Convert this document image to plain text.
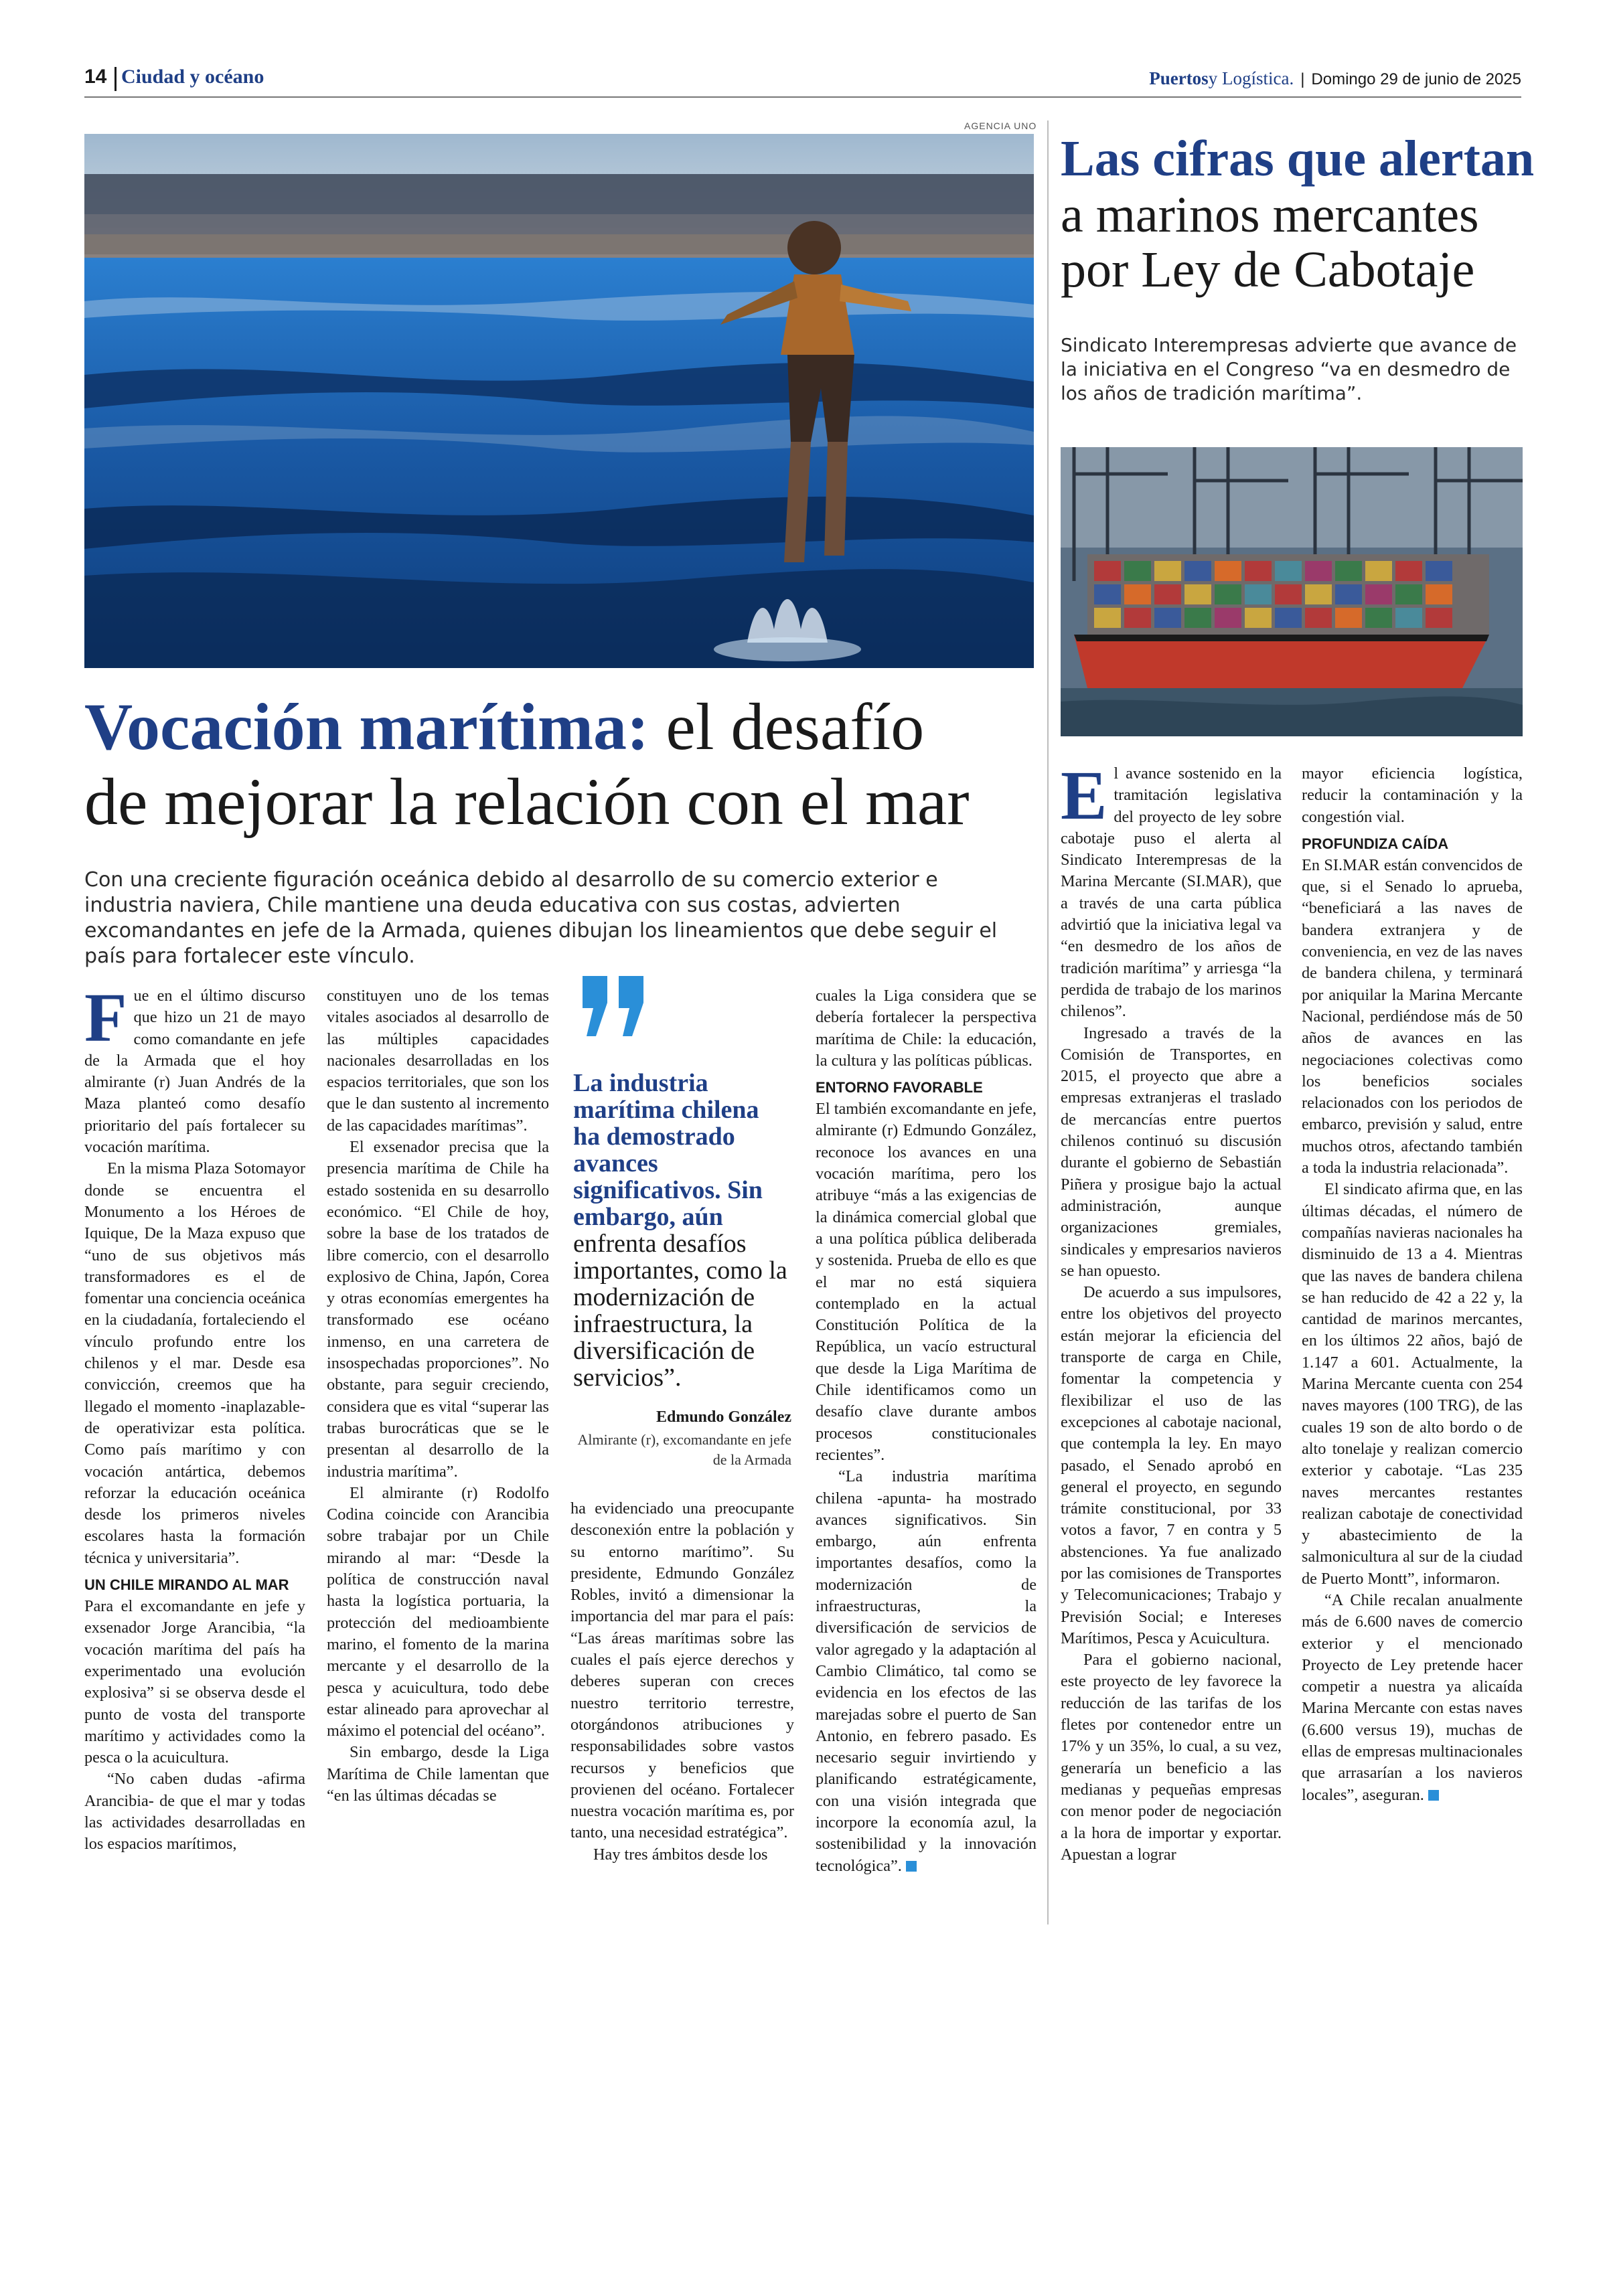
14 Ciudad y océano	Puertosy Logística. | Domingo 29 de junio de 2025
AGENCIA UNO
Vocación marítima: el desafío
de mejorar la relación con el mar
Con una creciente figuración oceánica debido al desarrollo de su comercio exterior e industria naviera, Chile mantiene una deuda educativa con sus costas, advierten excomandantes en jefe de la Armada, quienes dibujan los lineamientos que debe seguir el país para fortalecer este vínculo.

Fue en el último discurso que hizo un 21 de mayo como comandante en jefe de la Armada que el hoy almirante (r) Juan Andrés de la Maza planteó como desafío prioritario del país fortalecer su vocación marítima.

En la misma Plaza Sotomayor donde se encuentra el Monumento a los Héroes de Iquique, De la Maza expuso que “uno de sus objetivos más transformadores es el de fomentar una conciencia oceánica en la ciudadanía, fortaleciendo el vínculo profundo entre los chilenos y el mar. Desde esa convicción, creemos que ha llegado el momento -inaplazable- de operativizar esta política. Como país marítimo y con vocación antártica, debemos reforzar la educación oceánica desde los primeros niveles escolares hasta la formación técnica y universitaria”.

UN CHILE MIRANDO AL MAR

Para el excomandante en jefe y exsenador Jorge Arancibia, “la vocación marítima del país ha experimentado una evolución explosiva” si se observa desde el punto de vosta del transporte marítimo y actividades como la pesca o la acuicultura.

“No caben dudas -afirma Arancibia- de que el mar y todas las actividades desarrolladas en los espacios marítimos,

constituyen uno de los temas vitales asociados al desarrollo de las múltiples capacidades nacionales desarrolladas en los espacios territoriales, que son los que le dan sustento al incremento de las capacidades marítimas”.

El exsenador precisa que la presencia marítima de Chile ha estado sostenida en su desarrollo económico. “El Chile de hoy, sobre la base de los tratados de libre comercio, con el desarrollo explosivo de China, Japón, Corea y otras economías emergentes ha transformado ese océano inmenso, en una carretera de insospechadas proporciones”. No obstante, para seguir creciendo, considera que es vital “superar las trabas burocráticas que se le presentan al desarrollo de la industria marítima”.

El almirante (r) Rodolfo Codina coincide con Arancibia sobre trabajar por un Chile mirando al mar: “Desde la política de construcción naval hasta la logística portuaria, la protección del medioambiente marino, el fomento de la marina mercante y el desarrollo de la pesca y acuicultura, todo debe estar alineado para aprovechar al máximo el potencial del océano”.

Sin embargo, desde la Liga Marítima de Chile lamentan que “en las últimas décadas se

La industria marítima chilena ha demostrado avances significativos. Sin embargo, aún enfrenta desafíos importantes, como la modernización de infraestructura, la diversificación de servicios”.
Edmundo González
Almirante (r), excomandante en jefe de la Armada

ha evidenciado una preocupante desconexión entre la población y su entorno marítimo”. Su presidente, Edmundo González Robles, invitó a dimensionar la importancia del mar para el país: “Las áreas marítimas sobre las cuales el país ejerce derechos y deberes superan con creces nuestro territorio terrestre, otorgándonos atribuciones y responsabilidades sobre vastos recursos y beneficios que provienen del océano. Fortalecer nuestra vocación marítima es, por tanto, una necesidad estratégica”.

Hay tres ámbitos desde los

cuales la Liga considera que se debería fortalecer la perspectiva marítima de Chile: la educación, la cultura y las políticas públicas.

ENTORNO FAVORABLE

El también excomandante en jefe, almirante (r) Edmundo González, reconoce los avances en una vocación marítima, pero los atribuye “más a las exigencias de la dinámica comercial global que a una política pública deliberada y sostenida. Prueba de ello es que el mar no está siquiera contemplado en la actual Constitución Política de la República, un vacío estructural que desde la Liga Marítima de Chile identificamos como un desafío clave durante ambos procesos constitucionales recientes”.

“La industria marítima chilena -apunta- ha mostrado avances significativos. Sin embargo, aún enfrenta importantes desafíos, como la modernización de infraestructuras, la diversificación de servicios de valor agregado y la adaptación al Cambio Climático, tal como se evidencia en los efectos de las marejadas sobre el puerto de San Antonio, en febrero pasado. Es necesario seguir invirtiendo y planificando estratégicamente, con una visión integrada que incorpore la economía azul, la sostenibilidad y la innovación tecnológica”.

Las cifras que alertan
a marinos mercantes
por Ley de Cabotaje
Sindicato Interempresas advierte que avance de la iniciativa en el Congreso “va en desmedro de los años de tradición marítima”.

El avance sostenido en la tramitación legislativa del proyecto de ley sobre cabotaje puso el alerta al Sindicato Interempresas de la Marina Mercante (SI.MAR), que a través de una carta pública advirtió que la iniciativa legal va “en desmedro de los años de tradición marítima” y arriesga “la perdida de trabajo de los marinos chilenos”.

Ingresado a través de la Comisión de Transportes, en 2015, el proyecto que abre a empresas extranjeras el traslado de mercancías entre puertos chilenos continuó su discusión durante el gobierno de Sebastián Piñera y prosigue bajo la actual administración, aunque organizaciones gremiales, sindicales y empresarios navieros se han opuesto.

De acuerdo a sus impulsores, entre los objetivos del proyecto están mejorar la eficiencia del transporte de carga en Chile, fomentar la competencia y flexibilizar el uso de las excepciones al cabotaje nacional, que contempla la ley. En mayo pasado, el Senado aprobó en general el proyecto, en segundo trámite constitucional, por 33 votos a favor, 7 en contra y 5 abstenciones. Ya fue analizado por las comisiones de Transportes y Telecomunicaciones; Trabajo y Previsión Social; e Intereses Marítimos, Pesca y Acuicultura.

Para el gobierno nacional, este proyecto de ley favorece la reducción de las tarifas de los fletes por contenedor entre un 17% y un 35%, lo cual, a su vez, generaría un beneficio a las medianas y pequeñas empresas con menor poder de negociación a la hora de importar y exportar. Apuestan a lograr

mayor eficiencia logística, reducir la contaminación y la congestión vial.

PROFUNDIZA CAÍDA

En SI.MAR están convencidos de que, si el Senado lo aprueba, “beneficiará a las naves de bandera extranjera y de conveniencia, en vez de las naves de bandera chilena, y terminará por aniquilar la Marina Mercante Nacional, perdiéndose más de 50 años de avances en las negociaciones colectivas como los beneficios sociales relacionados con los periodos de embarco, previsión y salud, entre muchos otros, afectando también a toda la industria relacionada”.

El sindicato afirma que, en las últimas décadas, el número de compañías navieras nacionales ha disminuido de 13 a 4. Mientras que las naves de bandera chilena se han reducido de 42 a 22 y, la cantidad de marinos mercantes, en los últimos 22 años, bajó de 1.147 a 601. Actualmente, la Marina Mercante cuenta con 254 naves mayores (100 TRG), de las cuales 19 son de alto bordo o de alto tonelaje y realizan comercio exterior y cabotaje. “Las 235 naves mercantes restantes realizan cabotaje de conectividad y abastecimiento de la salmonicultura al sur de la ciudad de Puerto Montt”, informaron.

“A Chile recalan anualmente más de 6.600 naves de comercio exterior y el mencionado Proyecto de Ley pretende hacer competir a nuestra ya alicaída Marina Mercante con estas naves (6.600 versus 19), muchas de ellas de empresas multinacionales que arrasarían a los navieros locales”, aseguran.
